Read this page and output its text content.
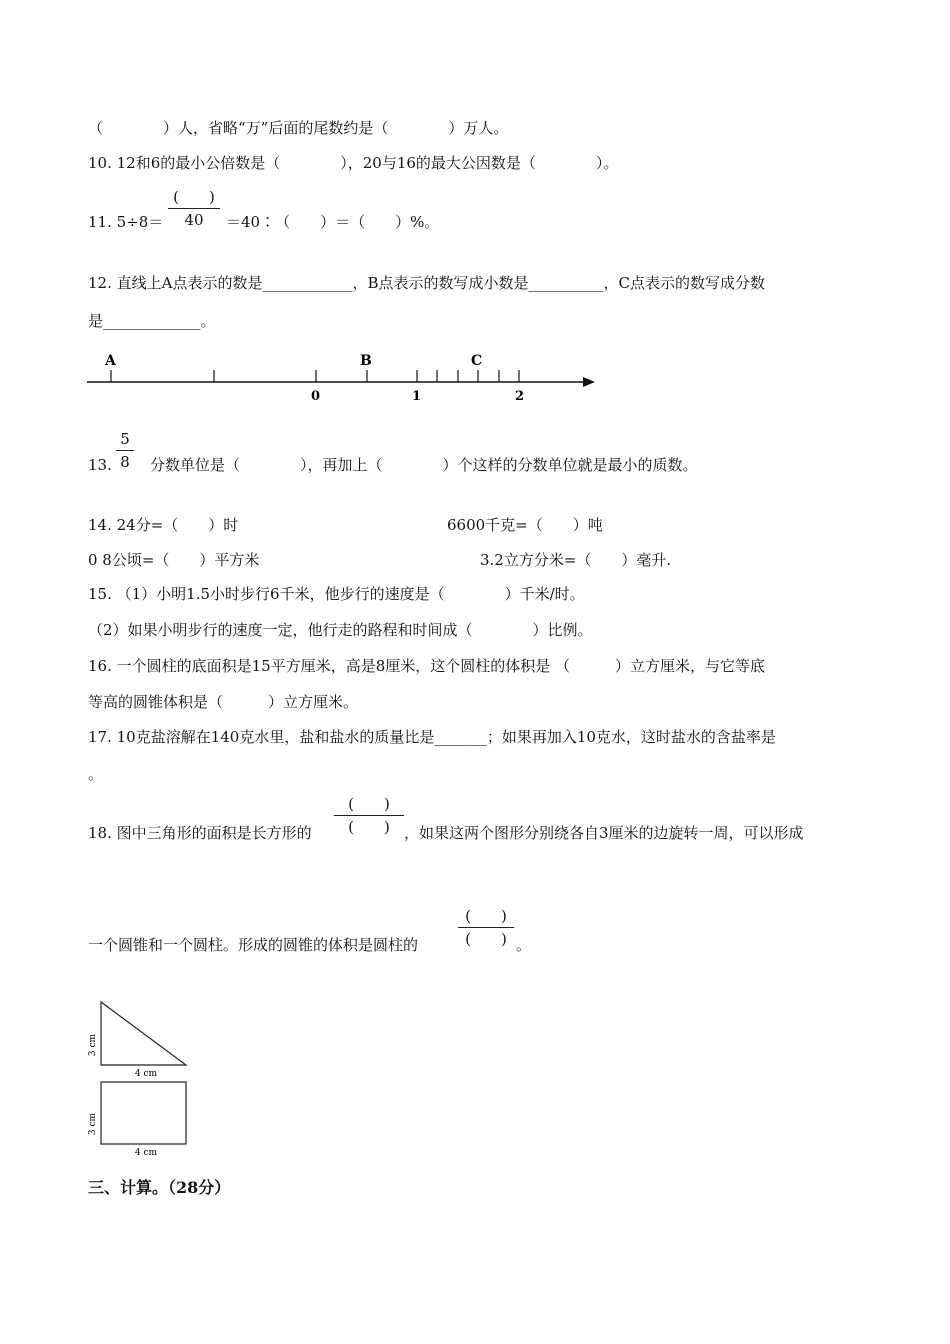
（　　　　）人，省略“万”后面的尾数约是（　　　　）万人。
10. 12和6的最小公倍数是（　　　　），20与16的最大公因数是（　　　　）。
11. 5÷8＝
(　　)
40	＝40∶（　　）＝（　　）%。
12. 直线上A点表示的数是____________，B点表示的数写成小数是__________，C点表示的数写成分数
是_____________。
A	B	C
0	1	2
13.
5
8 分数单位是（　　　　），再加上（　　　　）个这样的分数单位就是最小的质数。
14. 24分=（　　）时	6600千克=（　　）吨
0 8公顷=（　　）平方米	3.2立方分米=（　　）毫升.
15. （1）小明1.5小时步行6千米，他步行的速度是（　　　　）千米/时。
（2）如果小明步行的速度一定，他行走的路程和时间成（　　　　）比例。
16. 一个圆柱的底面积是15平方厘米，高是8厘米，这个圆柱的体积是 （　　　）立方厘米，与它等底
等高的圆锥体积是（　　　）立方厘米。
17. 10克盐溶解在140克水里，盐和盐水的质量比是_______；如果再加入10克水，这时盐水的含盐率是
。
18. 图中三角形的面积是长方形的
(　　)
(　　) ，如果这两个图形分别绕各自3厘米的边旋转一周，可以形成
一个圆锥和一个圆柱。形成的圆锥的体积是圆柱的
(　　)
(　　) 。
3 cm
4 cm
3 cm
4 cm
三、计算。（28分）
